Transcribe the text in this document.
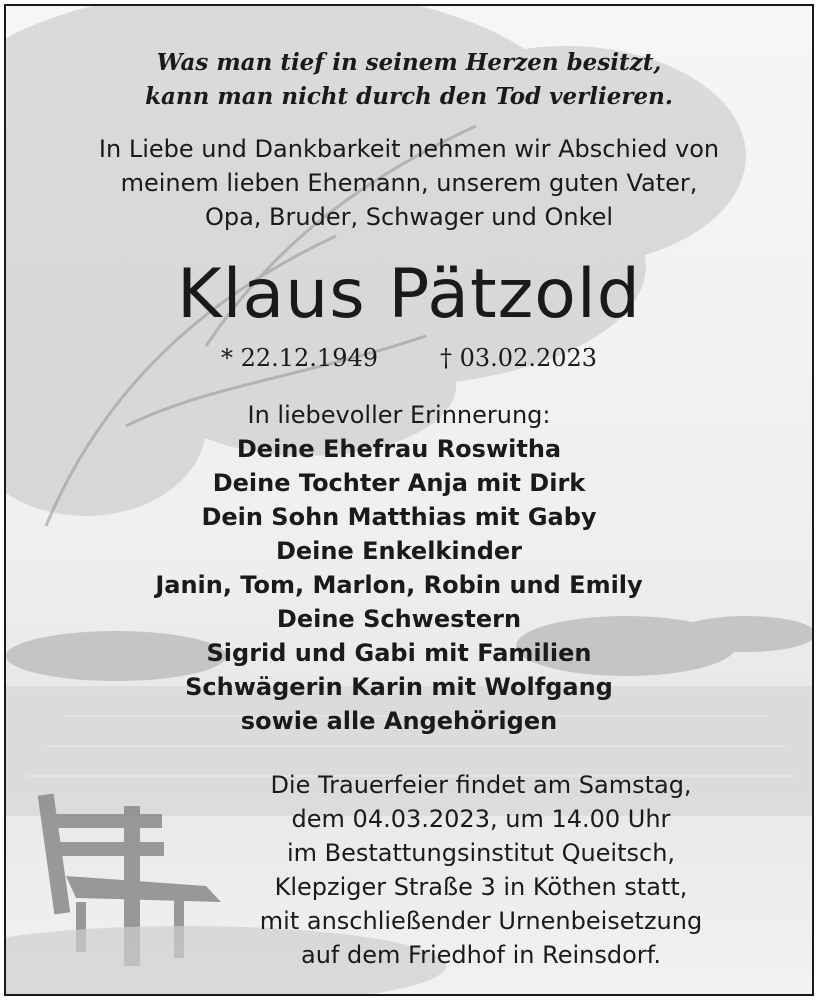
Was man tief in seinem Herzen besitzt,
kann man nicht durch den Tod verlieren.
In Liebe und Dankbarkeit nehmen wir Abschied von
meinem lieben Ehemann, unserem guten Vater,
Opa, Bruder, Schwager und Onkel
Klaus Pätzold
* 22.12.1949	† 03.02.2023
In liebevoller Erinnerung:
Deine Ehefrau Roswitha
Deine Tochter Anja mit Dirk
Dein Sohn Matthias mit Gaby
Deine Enkelkinder
Janin, Tom, Marlon, Robin und Emily
Deine Schwestern
Sigrid und Gabi mit Familien
Schwägerin Karin mit Wolfgang
sowie alle Angehörigen
Die Trauerfeier findet am Samstag,
dem 04.03.2023, um 14.00 Uhr
im Bestattungsinstitut Queitsch,
Klepziger Straße 3 in Köthen statt,
mit anschließender Urnenbeisetzung
auf dem Friedhof in Reinsdorf.
